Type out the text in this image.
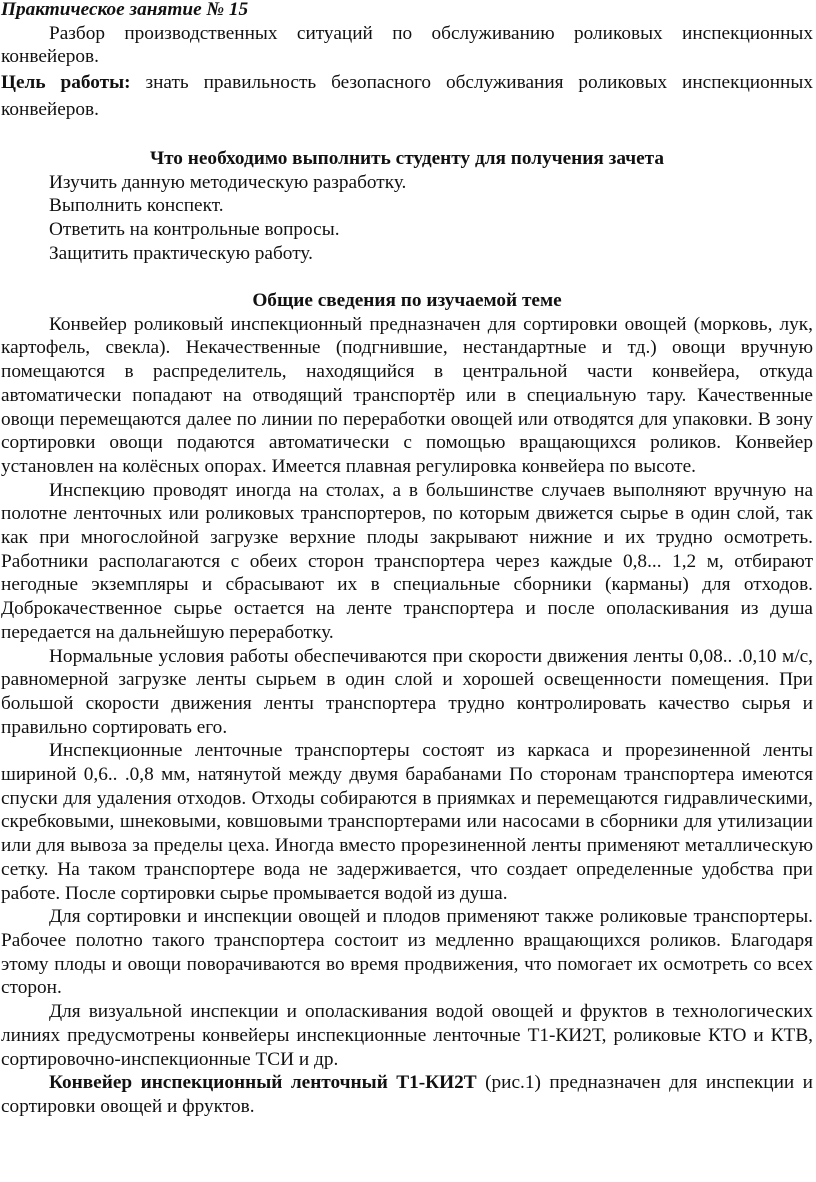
Практическое занятие № 15

Разбор производственных ситуаций по обслуживанию роликовых инспекционных конвейеров.

Цель работы: знать правильность безопасного обслуживания роликовых инспекционных конвейеров.

Что необходимо выполнить студенту для получения зачета

Изучить данную методическую разработку.

Выполнить конспект.

Ответить на контрольные вопросы.

Защитить практическую работу.

Общие сведения по изучаемой теме

Конвейер роликовый инспекционный предназначен для сортировки овощей (морковь, лук, картофель, свекла). Некачественные (подгнившие, нестандартные и тд.) овощи вручную помещаются в распределитель, находящийся в центральной части конвейера, откуда автоматически попадают на отводящий транспортёр или в специальную тару. Качественные овощи перемещаются далее по линии по переработки овощей или отводятся для упаковки. В зону сортировки овощи подаются автоматически с помощью вращающихся роликов. Конвейер установлен на колёсных опорах. Имеется плавная регулировка конвейера по высоте.

Инспекцию проводят иногда на столах, а в большинстве случаев выполняют вручную на полотне ленточных или роликовых транспортеров, по которым движется сырье в один слой, так как при многослойной загрузке верхние плоды закрывают нижние и их трудно осмотреть. Работники располагаются с обеих сторон транспортера через каждые 0,8... 1,2 м, отбирают негодные экземпляры и сбрасывают их в специальные сборники (карманы) для отходов. Доброкачественное сырье остается на ленте транспортера и после ополаскивания из душа передается на дальнейшую переработку.

Нормальные условия работы обеспечиваются при скорости движения ленты 0,08.. .0,10 м/с, равномерной загрузке ленты сырьем в один слой и хорошей освещенности помещения. При большой скорости движения ленты транспортера трудно контролировать качество сырья и правильно сортировать его.

Инспекционные ленточные транспортеры состоят из каркаса и прорезиненной ленты шириной 0,6.. .0,8 мм, натянутой между двумя барабанами По сторонам транспортера имеются спуски для удаления отходов. Отходы собираются в приямках и перемещаются гидравлическими, скребковыми, шнековыми, ковшовыми транспортерами или насосами в сборники для утилизации или для вывоза за пределы цеха. Иногда вместо прорезиненной ленты применяют металлическую сетку. На таком транспортере вода не задерживается, что создает определенные удобства при работе. После сортировки сырье промывается водой из душа.

Для сортировки и инспекции овощей и плодов применяют также роликовые транспортеры. Рабочее полотно такого транспортера состоит из медленно вращающихся роликов. Благодаря этому плоды и овощи поворачиваются во время продвижения, что помогает их осмотреть со всех сторон.

Для визуальной инспекции и ополаскивания водой овощей и фруктов в технологических линиях предусмотрены конвейеры инспекционные ленточные Т1-КИ2Т, роликовые КТО и КТВ, сортировочно-инспекционные ТСИ и др.

Конвейер инспекционный ленточный Т1-КИ2Т (рис.1) предназначен для инспекции и сортировки овощей и фруктов.
